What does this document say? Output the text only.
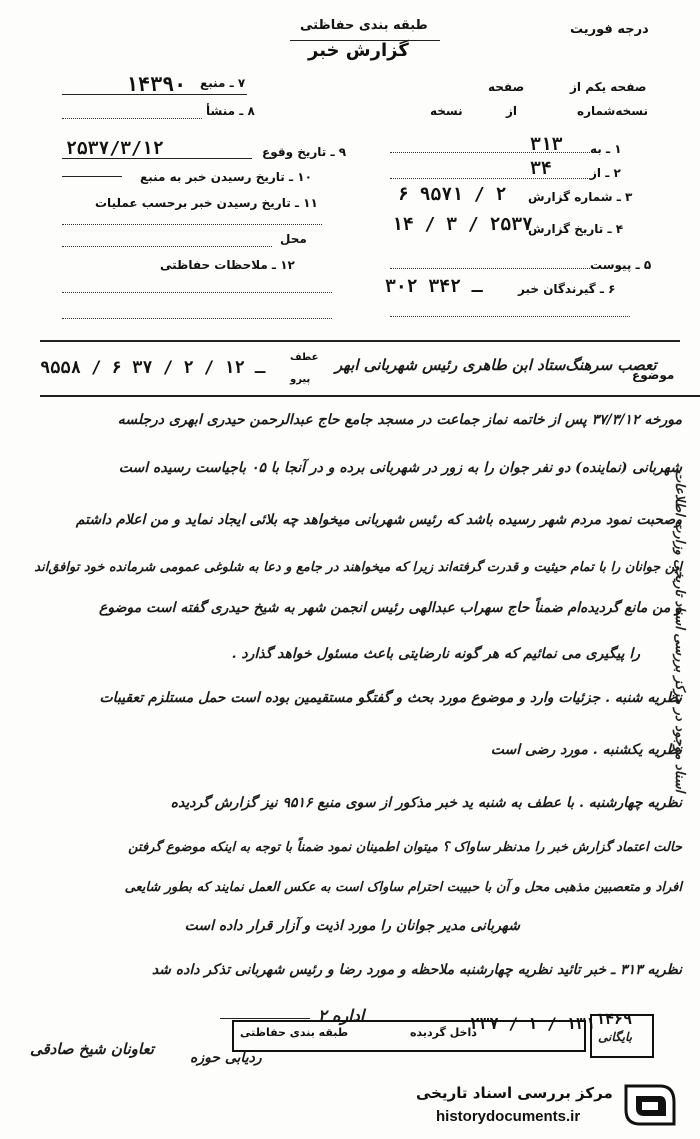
طبقه بندی حفاظتی
گزارش خبر
درجه فوریت
۷ ـ منبع
۱۴۳۹۰	صفحه یکم از
صفحه
نسخه‌شماره
از
نسخه
۸ ـ منشأ
۱ ـ به
۳۱۳
۲ ـ از
۳۴
۳ ـ شماره گزارش
۶ ۹۵۷۱ / ۲
۴ ـ تاریخ گزارش
۱۴ / ۳ / ۲۵۳۷
۵ ـ پیوست
۶ ـ گیرندگان خبر
۳۰۲ ـ ۳۴۲
۹ ـ تاریخ وقوع
۲۵۳۷/۳/۱۲
۱۰ ـ تاریخ رسیدن خبر به منبع
۱۱ ـ تاریخ رسیدن خبر برحسب عملیات
محل
۱۲ ـ ملاحظات حفاظتی
موضوع
تعصب سرهنگ‌ستاد ابن طاهری رئیس شهربانی ابهر
عطف
پیرو
۹۵۵۸ / ۶ ـ ۱۲ / ۲ / ۳۷
مورخه ۳۷/۳/۱۲ پس از خاتمه نماز جماعت در مسجد جامع حاج عبدالرحمن حیدری ابهری درجلسه
شهربانی (نماینده) دو نفر جوان را به زور در شهربانی برده و در آنجا با ۰۵ باجیاست رسیده است
وصحبت نمود مردم شهر رسیده باشد که رئیس شهربانی میخواهد چه بلائی ایجاد نماید و من اعلام داشتم
این جوانان را با تمام حیثیت و قدرت گرفته‌اند زیرا که میخواهند در جامع و دعا به شلوغی عمومی شرمانده خود توافق‌اند
و من مانع گردیده‌ام ضمناً حاج سهراب عبدالهی رئیس انجمن شهر به شیخ حیدری گفته است موضوع
را پیگیری می نمائیم که هر گونه نارضایتی باعث مسئول خواهد گذارد .
نظریه شنبه . جزئیات وارد و موضوع مورد بحث و گفتگو مستقیمین بوده است حمل مستلزم تعقیبات
نظریه یکشنبه . مورد رضی است
نظریه چهارشنبه . با عطف به شنبه ید خبر مذکور از سوی منبع ۹۵۱۶ نیز گزارش گردیده
حالت اعتماد گزارش خبر را مدنظر ساواک ؟ میتوان اطمینان نمود ضمناً با توجه به اینکه موضوع گرفتن
افراد و متعصبین مذهبی محل و آن با حبیبت احترام ساواک است به عکس العمل نمایند که بطور شایعی
شهربانی مدیر جوانان را مورد اذیت و آزار قرار داده است
نظریه ۳۱۳ ـ خبر تائید نظریه چهارشنبه ملاحظه و مورد رضا و رئیس شهربانی تذکر داده شد
اسناد موجود در مرکز بررسی اسناد تاریخی وزارت اطلاعات
اداره ۲
طبقه بندی حفاظتی	داخل گردیده
۲۳۷ / ۱ / ۱۳۱ ۱۴۶۹
بایگانی
ردیابی حوزه
تعاونان شیخ صادقی
مرکز بررسی اسناد تاریخی
historydocuments.ir
